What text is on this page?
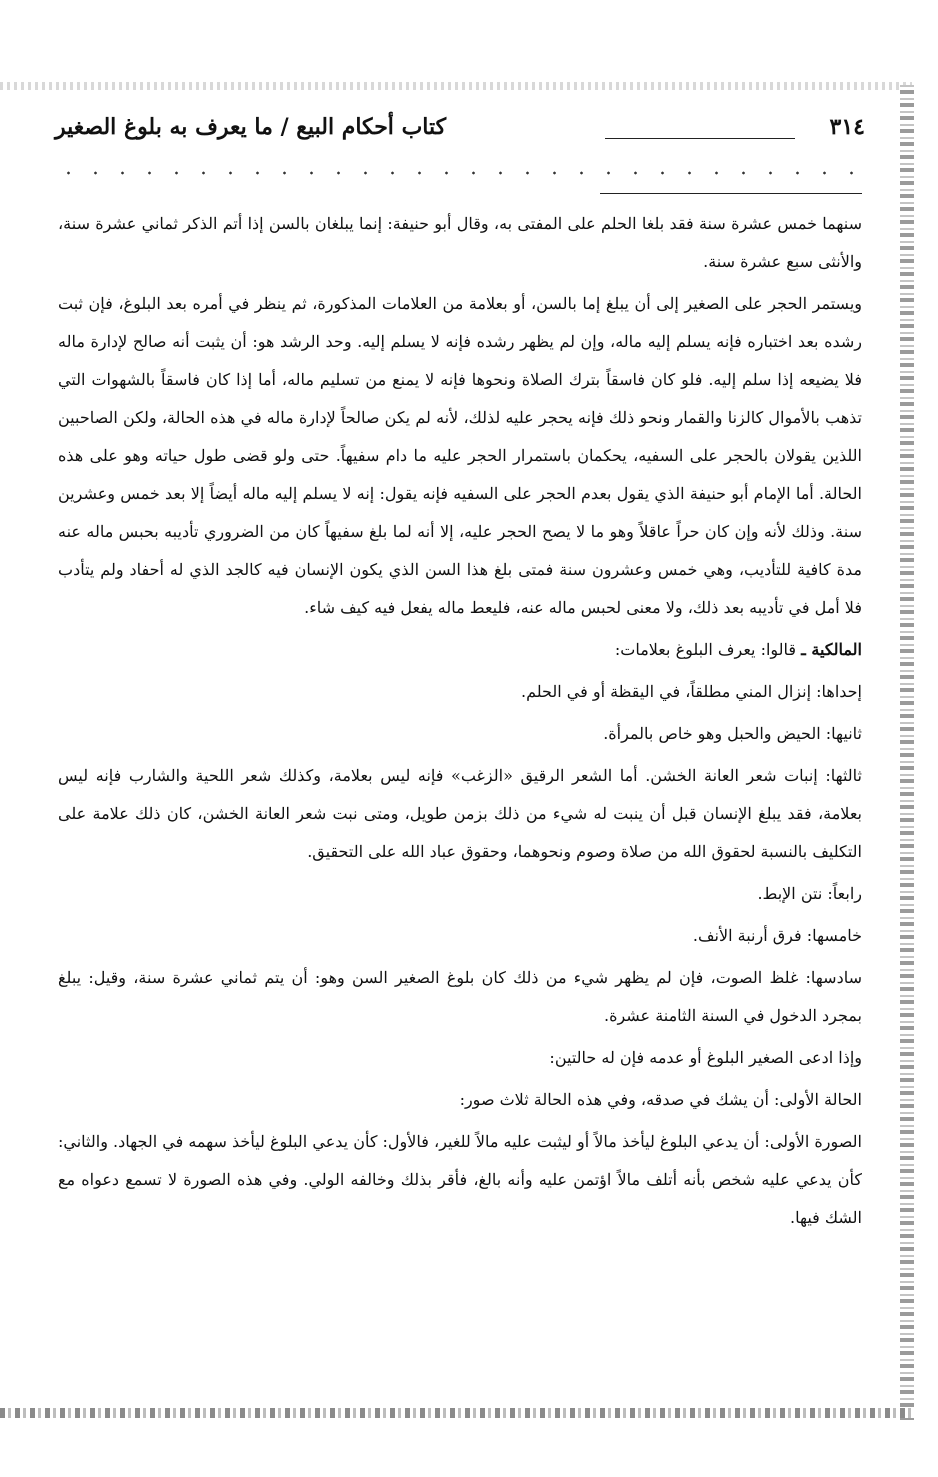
٣١٤
كتاب أحكام البيع / ما يعرف به بلوغ الصغير

سنهما خمس عشرة سنة فقد بلغا الحلم على المفتى به، وقال أبو حنيفة: إنما يبلغان بالسن إذا أتم الذكر ثماني عشرة سنة، والأنثى سبع عشرة سنة.

ويستمر الحجر على الصغير إلى أن يبلغ إما بالسن، أو بعلامة من العلامات المذكورة، ثم ينظر في أمره بعد البلوغ، فإن ثبت رشده بعد اختباره فإنه يسلم إليه ماله، وإن لم يظهر رشده فإنه لا يسلم إليه. وحد الرشد هو: أن يثبت أنه صالح لإدارة ماله فلا يضيعه إذا سلم إليه. فلو كان فاسقاً بترك الصلاة ونحوها فإنه لا يمنع من تسليم ماله، أما إذا كان فاسقاً بالشهوات التي تذهب بالأموال كالزنا والقمار ونحو ذلك فإنه يحجر عليه لذلك، لأنه لم يكن صالحاً لإدارة ماله في هذه الحالة، ولكن الصاحبين اللذين يقولان بالحجر على السفيه، يحكمان باستمرار الحجر عليه ما دام سفيهاً. حتى ولو قضى طول حياته وهو على هذه الحالة. أما الإمام أبو حنيفة الذي يقول بعدم الحجر على السفيه فإنه يقول: إنه لا يسلم إليه ماله أيضاً إلا بعد خمس وعشرين سنة. وذلك لأنه وإن كان حراً عاقلاً وهو ما لا يصح الحجر عليه، إلا أنه لما بلغ سفيهاً كان من الضروري تأديبه بحبس ماله عنه مدة كافية للتأديب، وهي خمس وعشرون سنة فمتى بلغ هذا السن الذي يكون الإنسان فيه كالجد الذي له أحفاد ولم يتأدب فلا أمل في تأديبه بعد ذلك، ولا معنى لحبس ماله عنه، فليعط ماله يفعل فيه كيف شاء.

المالكية ـ قالوا: يعرف البلوغ بعلامات:

إحداها: إنزال المني مطلقاً، في اليقظة أو في الحلم.

ثانيها: الحيض والحبل وهو خاص بالمرأة.

ثالثها: إنبات شعر العانة الخشن. أما الشعر الرقيق «الزغب» فإنه ليس بعلامة، وكذلك شعر اللحية والشارب فإنه ليس بعلامة، فقد يبلغ الإنسان قبل أن ينبت له شيء من ذلك بزمن طويل، ومتى نبت شعر العانة الخشن، كان ذلك علامة على التكليف بالنسبة لحقوق الله من صلاة وصوم ونحوهما، وحقوق عباد الله على التحقيق.

رابعاً: نتن الإبط.

خامسها: فرق أرنبة الأنف.

سادسها: غلظ الصوت، فإن لم يظهر شيء من ذلك كان بلوغ الصغير السن وهو: أن يتم ثماني عشرة سنة، وقيل: يبلغ بمجرد الدخول في السنة الثامنة عشرة.

وإذا ادعى الصغير البلوغ أو عدمه فإن له حالتين:

الحالة الأولى: أن يشك في صدقه، وفي هذه الحالة ثلاث صور:

الصورة الأولى: أن يدعي البلوغ ليأخذ مالاً أو ليثبت عليه مالاً للغير، فالأول: كأن يدعي البلوغ ليأخذ سهمه في الجهاد. والثاني: كأن يدعي عليه شخص بأنه أتلف مالاً اؤتمن عليه وأنه بالغ، فأقر بذلك وخالفه الولي. وفي هذه الصورة لا تسمع دعواه مع الشك فيها.
